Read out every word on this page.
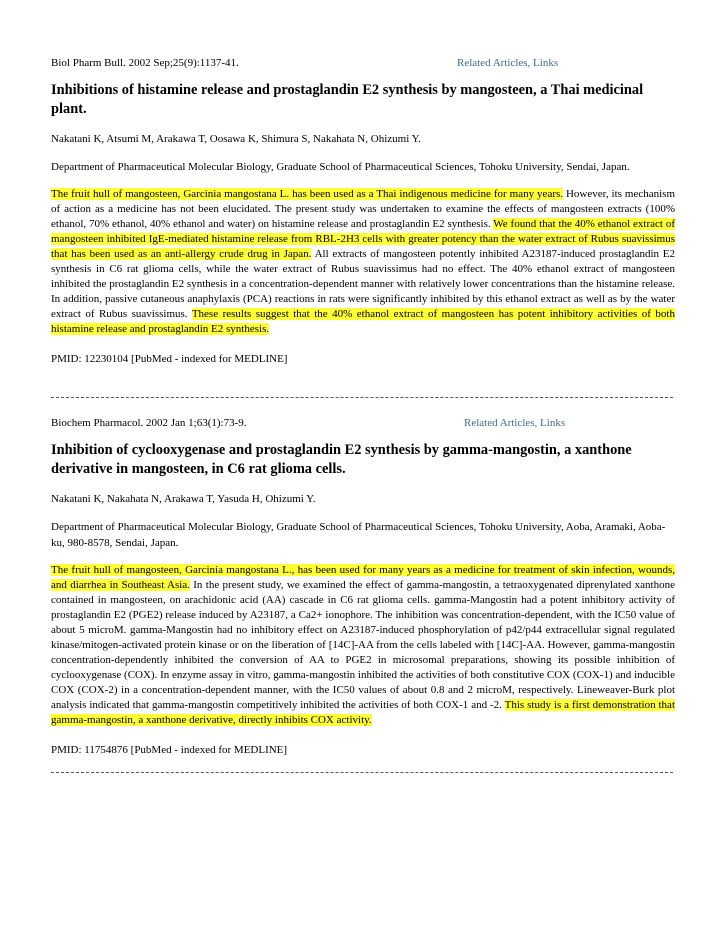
Biol Pharm Bull. 2002 Sep;25(9):1137-41.	Related Articles, Links
Inhibitions of histamine release and prostaglandin E2 synthesis by mangosteen, a Thai medicinal plant.
Nakatani K, Atsumi M, Arakawa T, Oosawa K, Shimura S, Nakahata N, Ohizumi Y.
Department of Pharmaceutical Molecular Biology, Graduate School of Pharmaceutical Sciences, Tohoku University, Sendai, Japan.
The fruit hull of mangosteen, Garcinia mangostana L. has been used as a Thai indigenous medicine for many years. However, its mechanism of action as a medicine has not been elucidated. The present study was undertaken to examine the effects of mangosteen extracts (100% ethanol, 70% ethanol, 40% ethanol and water) on histamine release and prostaglandin E2 synthesis. We found that the 40% ethanol extract of mangosteen inhibited IgE-mediated histamine release from RBL-2H3 cells with greater potency than the water extract of Rubus suavissimus that has been used as an anti-allergy crude drug in Japan. All extracts of mangosteen potently inhibited A23187-induced prostaglandin E2 synthesis in C6 rat glioma cells, while the water extract of Rubus suavissimus had no effect. The 40% ethanol extract of mangosteen inhibited the prostaglandin E2 synthesis in a concentration-dependent manner with relatively lower concentrations than the histamine release. In addition, passive cutaneous anaphylaxis (PCA) reactions in rats were significantly inhibited by this ethanol extract as well as by the water extract of Rubus suavissimus. These results suggest that the 40% ethanol extract of mangosteen has potent inhibitory activities of both histamine release and prostaglandin E2 synthesis.
PMID: 12230104 [PubMed - indexed for MEDLINE]
Biochem Pharmacol. 2002 Jan 1;63(1):73-9.	Related Articles, Links
Inhibition of cyclooxygenase and prostaglandin E2 synthesis by gamma-mangostin, a xanthone derivative in mangosteen, in C6 rat glioma cells.
Nakatani K, Nakahata N, Arakawa T, Yasuda H, Ohizumi Y.
Department of Pharmaceutical Molecular Biology, Graduate School of Pharmaceutical Sciences, Tohoku University, Aoba, Aramaki, Aoba-ku, 980-8578, Sendai, Japan.
The fruit hull of mangosteen, Garcinia mangostana L., has been used for many years as a medicine for treatment of skin infection, wounds, and diarrhea in Southeast Asia. In the present study, we examined the effect of gamma-mangostin, a tetraoxygenated diprenylated xanthone contained in mangosteen, on arachidonic acid (AA) cascade in C6 rat glioma cells. gamma-Mangostin had a potent inhibitory activity of prostaglandin E2 (PGE2) release induced by A23187, a Ca2+ ionophore. The inhibition was concentration-dependent, with the IC50 value of about 5 microM. gamma-Mangostin had no inhibitory effect on A23187-induced phosphorylation of p42/p44 extracellular signal regulated kinase/mitogen-activated protein kinase or on the liberation of [14C]-AA from the cells labeled with [14C]-AA. However, gamma-mangostin concentration-dependently inhibited the conversion of AA to PGE2 in microsomal preparations, showing its possible inhibition of cyclooxygenase (COX). In enzyme assay in vitro, gamma-mangostin inhibited the activities of both constitutive COX (COX-1) and inducible COX (COX-2) in a concentration-dependent manner, with the IC50 values of about 0.8 and 2 microM, respectively. Lineweaver-Burk plot analysis indicated that gamma-mangostin competitively inhibited the activities of both COX-1 and -2. This study is a first demonstration that gamma-mangostin, a xanthone derivative, directly inhibits COX activity.
PMID: 11754876 [PubMed - indexed for MEDLINE]
